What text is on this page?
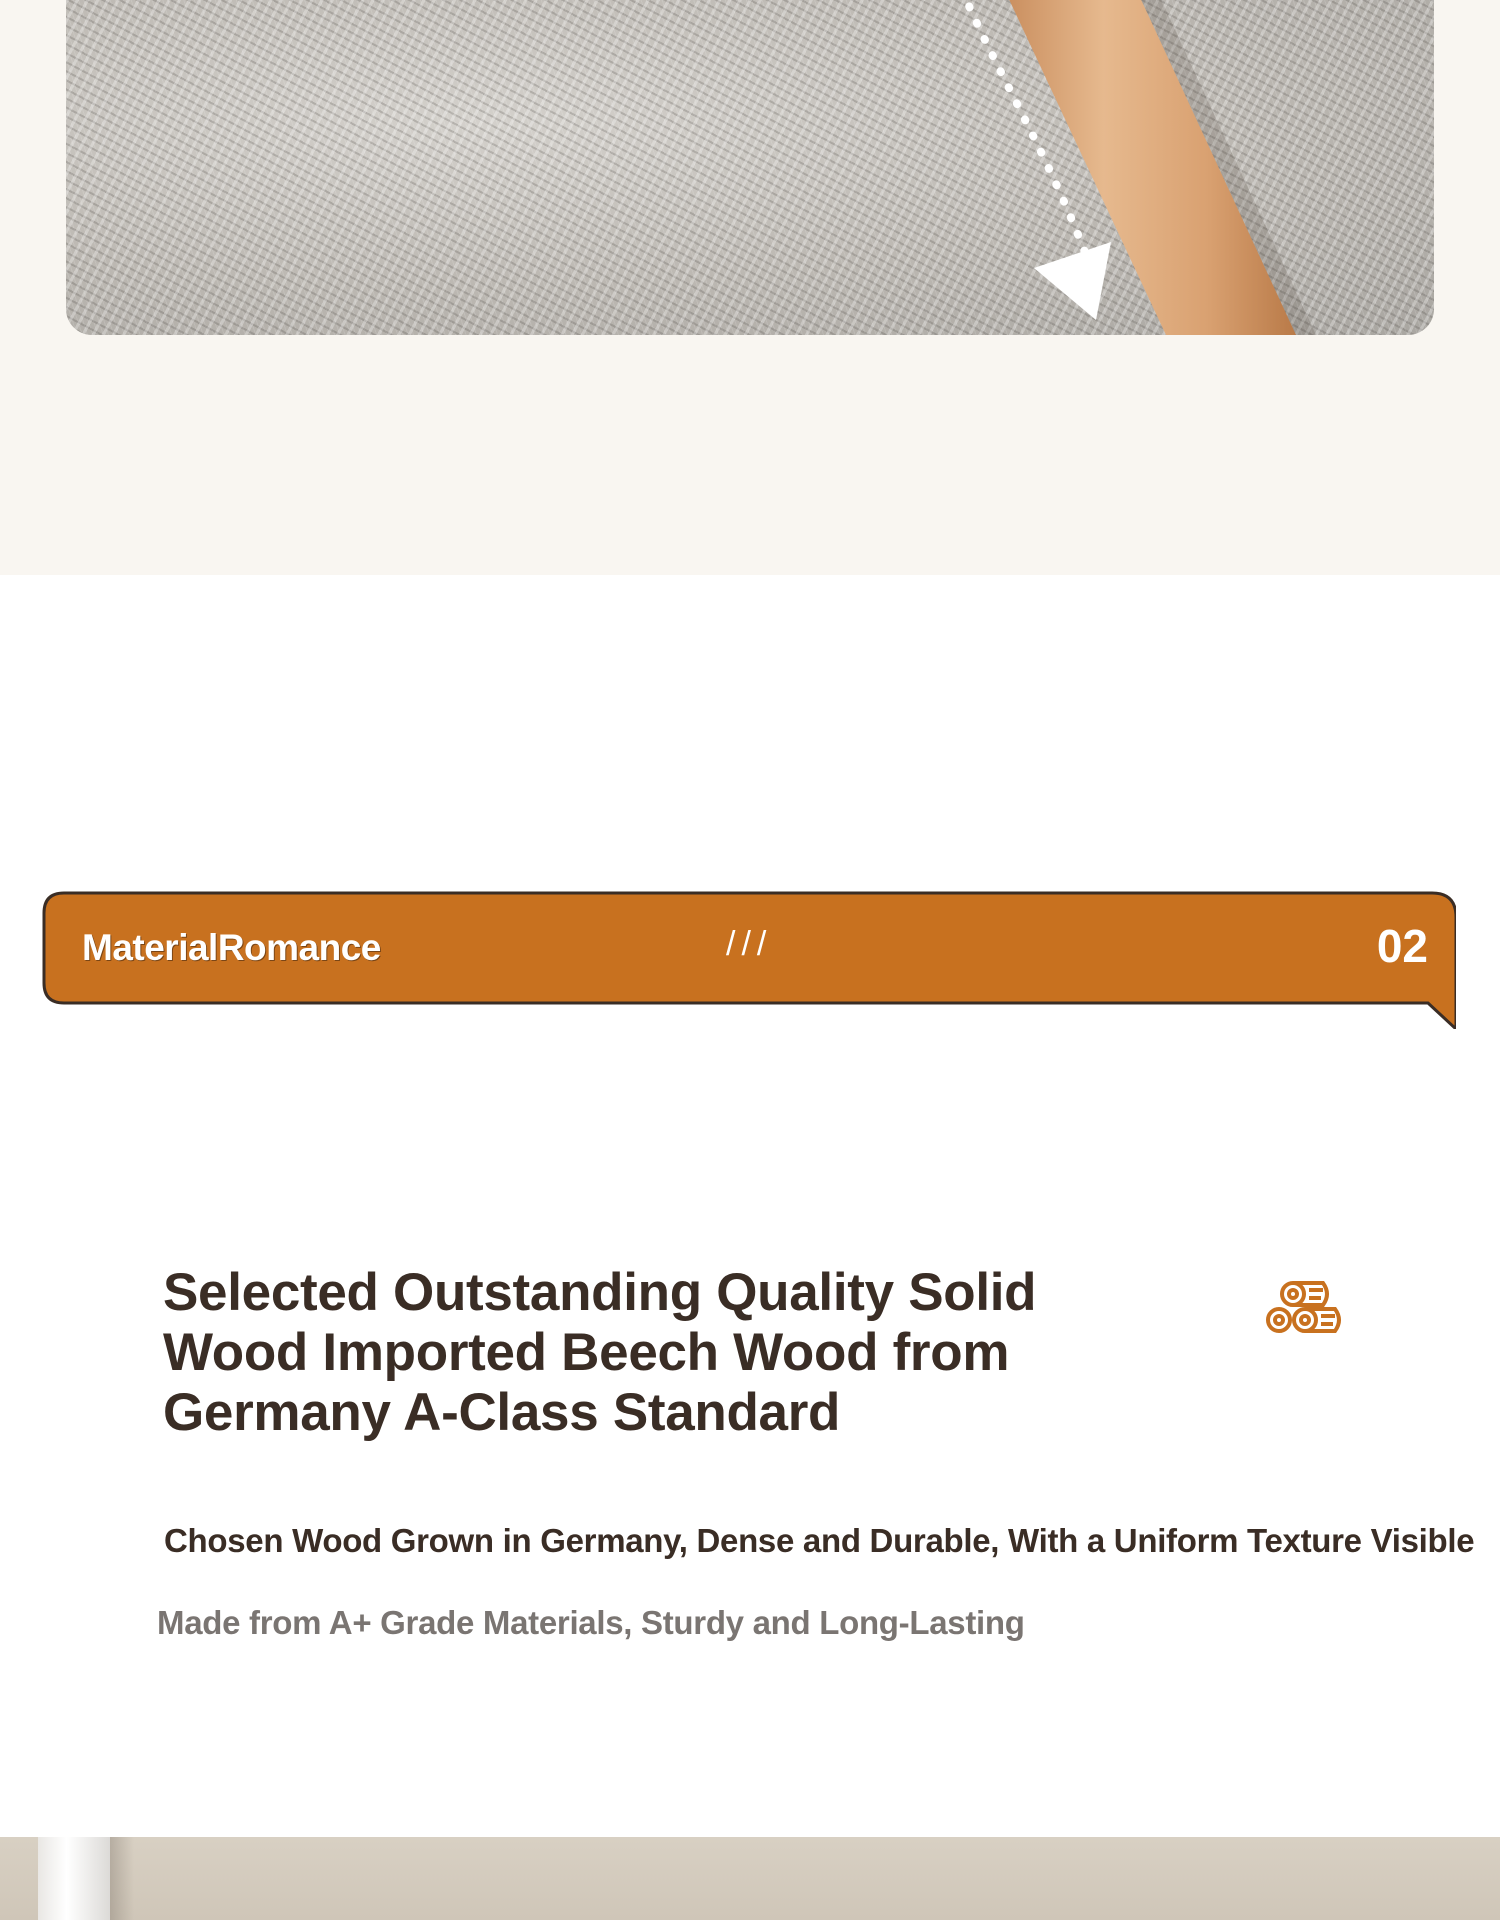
MaterialRomance	///	02
Selected Outstanding Quality Solid Wood Imported Beech Wood from Germany A-Class Standard

Chosen Wood Grown in Germany, Dense and Durable, With a Uniform Texture Visible

Made from A+ Grade Materials, Sturdy and Long-Lasting
